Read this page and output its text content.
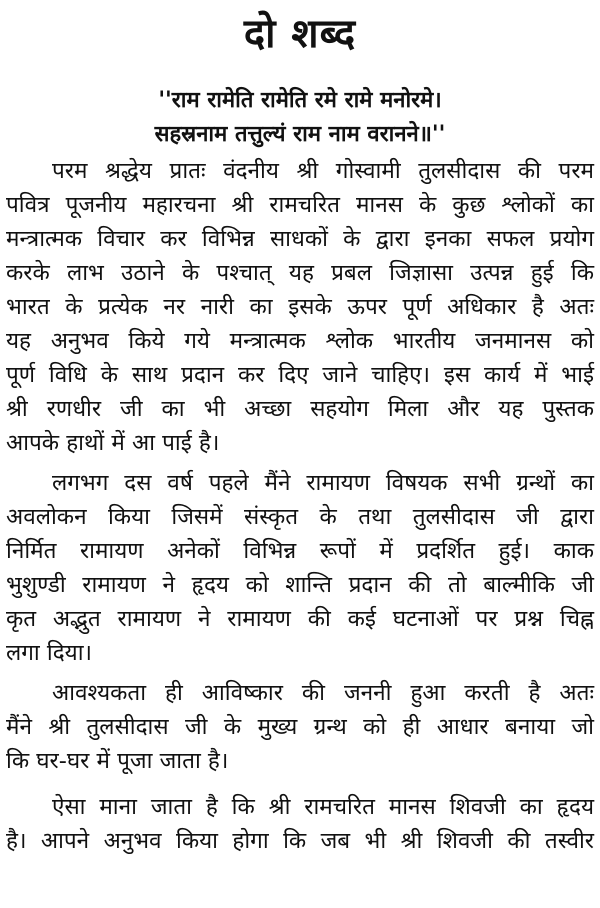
दो शब्द
''राम रामेति रामेति रमे रामे मनोरमे।
सहस्रनाम तत्तुल्यं राम नाम वरानने॥''
परम श्रद्धेय प्रातः वंदनीय श्री गोस्वामी तुलसीदास की परम
पवित्र पूजनीय महारचना श्री रामचरित मानस के कुछ श्लोकों का
मन्त्रात्मक विचार कर विभिन्न साधकों के द्वारा इनका सफल प्रयोग
करके लाभ उठाने के पश्चात् यह प्रबल जिज्ञासा उत्पन्न हुई कि
भारत के प्रत्येक नर नारी का इसके ऊपर पूर्ण अधिकार है अतः
यह अनुभव किये गये मन्त्रात्मक श्लोक भारतीय जनमानस को
पूर्ण विधि के साथ प्रदान कर दिए जाने चाहिए। इस कार्य में भाई
श्री रणधीर जी का भी अच्छा सहयोग मिला और यह पुस्तक
आपके हाथों में आ पाई है।
लगभग दस वर्ष पहले मैंने रामायण विषयक सभी ग्रन्थों का
अवलोकन किया जिसमें संस्कृत के तथा तुलसीदास जी द्वारा
निर्मित रामायण अनेकों विभिन्न रूपों में प्रदर्शित हुई। काक
भुशुण्डी रामायण ने हृदय को शान्ति प्रदान की तो बाल्मीकि जी
कृत अद्भुत रामायण ने रामायण की कई घटनाओं पर प्रश्न चिह्न
लगा दिया।
आवश्यकता ही आविष्कार की जननी हुआ करती है अतः
मैंने श्री तुलसीदास जी के मुख्य ग्रन्थ को ही आधार बनाया जो
कि घर-घर में पूजा जाता है।
ऐसा माना जाता है कि श्री रामचरित मानस शिवजी का हृदय
है। आपने अनुभव किया होगा कि जब भी श्री शिवजी की तस्वीर
